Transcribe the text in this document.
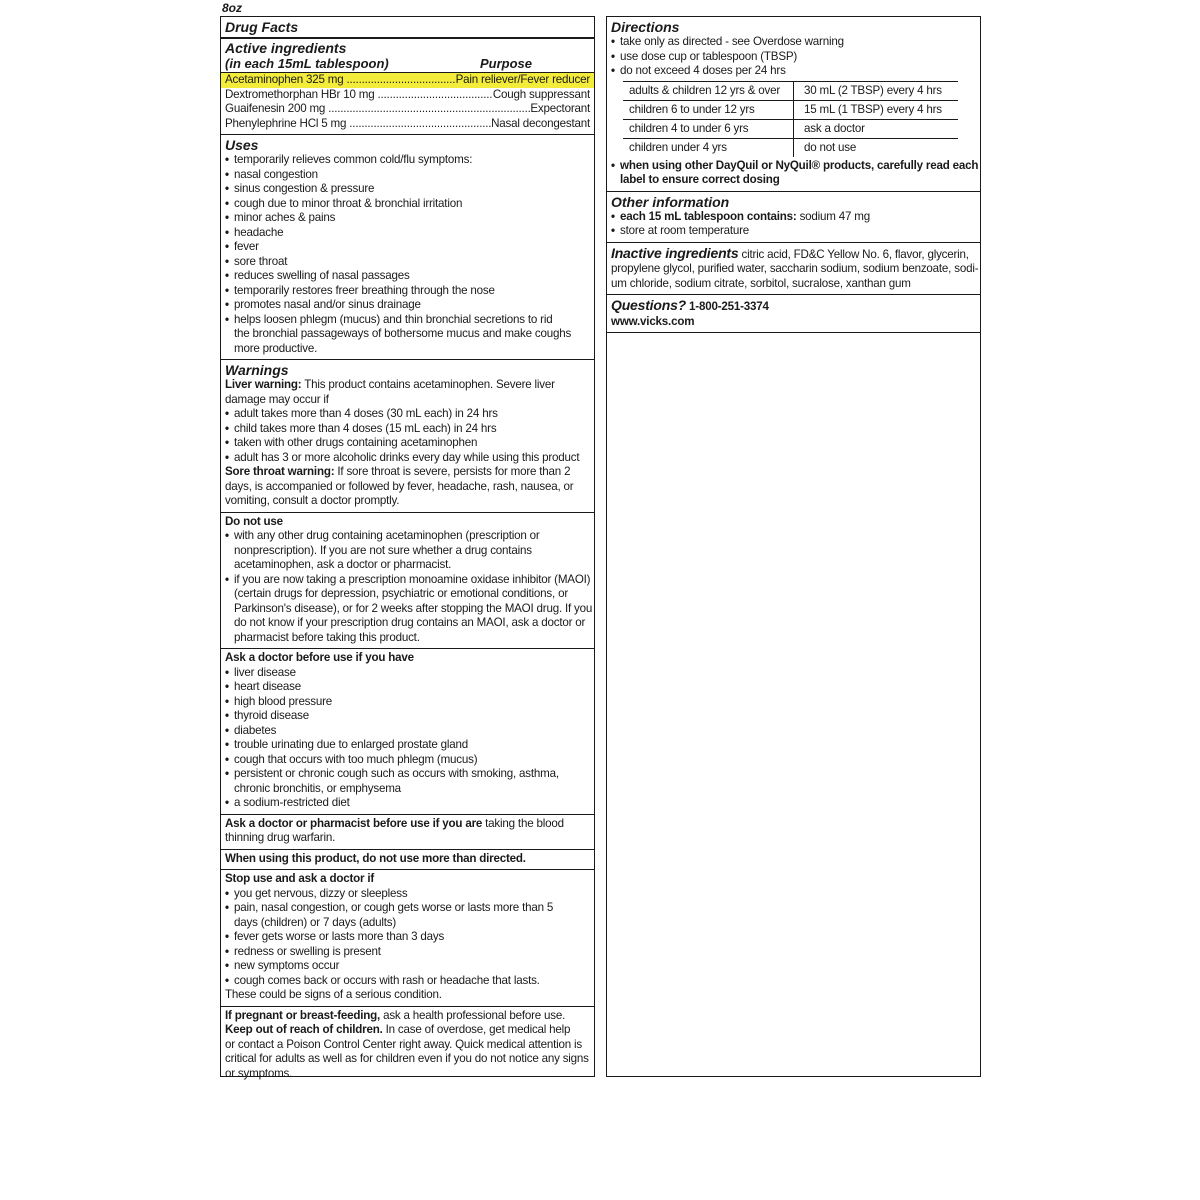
8oz
Drug Facts
Active ingredients
(in each 15mL tablespoon)	Purpose
Acetaminophen 325 mg .....	Pain reliever/Fever reducer
Dextromethorphan HBr 10 mg .....	Cough suppressant
Guaifenesin 200 mg .....	Expectorant
Phenylephrine HCl 5 mg .....	Nasal decongestant
Uses
• temporarily relieves common cold/flu symptoms:
• nasal congestion
• sinus congestion & pressure
• cough due to minor throat & bronchial irritation
• minor aches & pains
• headache
• fever
• sore throat
• reduces swelling of nasal passages
• temporarily restores freer breathing through the nose
• promotes nasal and/or sinus drainage
• helps loosen phlegm (mucus) and thin bronchial secretions to rid
the bronchial passageways of bothersome mucus and make coughs
more productive.
Warnings
Liver warning: This product contains acetaminophen. Severe liver
damage may occur if
• adult takes more than 4 doses (30 mL each) in 24 hrs
• child takes more than 4 doses (15 mL each) in 24 hrs
• taken with other drugs containing acetaminophen
• adult has 3 or more alcoholic drinks every day while using this product
Sore throat warning: If sore throat is severe, persists for more than 2
days, is accompanied or followed by fever, headache, rash, nausea, or
vomiting, consult a doctor promptly.
Do not use
• with any other drug containing acetaminophen (prescription or
nonprescription). If you are not sure whether a drug contains
acetaminophen, ask a doctor or pharmacist.
• if you are now taking a prescription monoamine oxidase inhibitor (MAOI)
(certain drugs for depression, psychiatric or emotional conditions, or
Parkinson's disease), or for 2 weeks after stopping the MAOI drug. If you
do not know if your prescription drug contains an MAOI, ask a doctor or
pharmacist before taking this product.
Ask a doctor before use if you have
• liver disease
• heart disease
• high blood pressure
• thyroid disease
• diabetes
• trouble urinating due to enlarged prostate gland
• cough that occurs with too much phlegm (mucus)
• persistent or chronic cough such as occurs with smoking, asthma,
chronic bronchitis, or emphysema
• a sodium-restricted diet
Ask a doctor or pharmacist before use if you are taking the blood
thinning drug warfarin.
When using this product, do not use more than directed.
Stop use and ask a doctor if
• you get nervous, dizzy or sleepless
• pain, nasal congestion, or cough gets worse or lasts more than 5
days (children) or 7 days (adults)
• fever gets worse or lasts more than 3 days
• redness or swelling is present
• new symptoms occur
• cough comes back or occurs with rash or headache that lasts.
These could be signs of a serious condition.
If pregnant or breast-feeding, ask a health professional before use.
Keep out of reach of children. In case of overdose, get medical help
or contact a Poison Control Center right away. Quick medical attention is
critical for adults as well as for children even if you do not notice any signs
or symptoms.
Directions
• take only as directed - see Overdose warning
• use dose cup or tablespoon (TBSP)
• do not exceed 4 doses per 24 hrs
adults & children 12 yrs & over	30 mL (2 TBSP) every 4 hrs
children 6 to under 12 yrs	15 mL (1 TBSP) every 4 hrs
children 4 to under 6 yrs	ask a doctor
children under 4 yrs	do not use
• when using other DayQuil or NyQuil® products, carefully read each
label to ensure correct dosing
Other information
• each 15 mL tablespoon contains: sodium 47 mg
• store at room temperature
Inactive ingredients citric acid, FD&C Yellow No. 6, flavor, glycerin,
propylene glycol, purified water, saccharin sodium, sodium benzoate, sodi-
um chloride, sodium citrate, sorbitol, sucralose, xanthan gum
Questions? 1-800-251-3374
www.vicks.com
